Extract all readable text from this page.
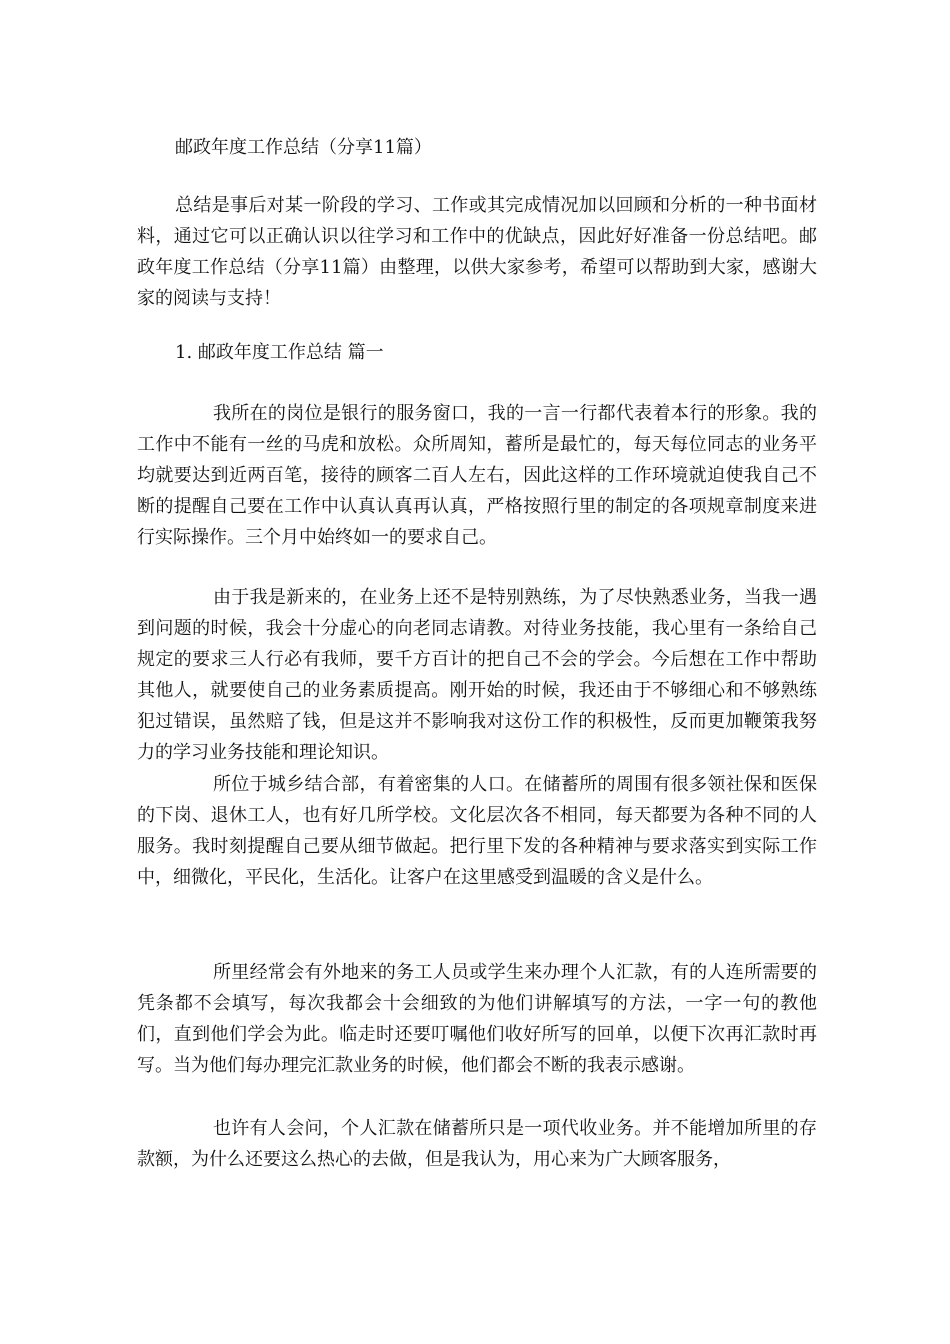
邮政年度工作总结（分享11篇）

总结是事后对某一阶段的学习、工作或其完成情况加以回顾和分析的一种书面材料，通过它可以正确认识以往学习和工作中的优缺点，因此好好准备一份总结吧。邮政年度工作总结（分享11篇）由整理，以供大家参考，希望可以帮助到大家，感谢大家的阅读与支持！

1. 邮政年度工作总结 篇一

我所在的岗位是银行的服务窗口，我的一言一行都代表着本行的形象。我的工作中不能有一丝的马虎和放松。众所周知，蓄所是最忙的，每天每位同志的业务平均就要达到近两百笔，接待的顾客二百人左右，因此这样的工作环境就迫使我自己不断的提醒自己要在工作中认真认真再认真，严格按照行里的制定的各项规章制度来进行实际操作。三个月中始终如一的要求自己。

由于我是新来的，在业务上还不是特别熟练，为了尽快熟悉业务，当我一遇到问题的时候，我会十分虚心的向老同志请教。对待业务技能，我心里有一条给自己规定的要求三人行必有我师，要千方百计的把自己不会的学会。今后想在工作中帮助其他人，就要使自己的业务素质提高。刚开始的时候，我还由于不够细心和不够熟练犯过错误，虽然赔了钱，但是这并不影响我对这份工作的积极性，反而更加鞭策我努力的学习业务技能和理论知识。

所位于城乡结合部，有着密集的人口。在储蓄所的周围有很多领社保和医保的下岗、退休工人，也有好几所学校。文化层次各不相同，每天都要为各种不同的人服务。我时刻提醒自己要从细节做起。把行里下发的各种精神与要求落实到实际工作中，细微化，平民化，生活化。让客户在这里感受到温暖的含义是什么。

所里经常会有外地来的务工人员或学生来办理个人汇款，有的人连所需要的凭条都不会填写，每次我都会十会细致的为他们讲解填写的方法，一字一句的教他们，直到他们学会为此。临走时还要叮嘱他们收好所写的回单，以便下次再汇款时再写。当为他们每办理完汇款业务的时候，他们都会不断的我表示感谢。

也许有人会问，个人汇款在储蓄所只是一项代收业务。并不能增加所里的存款额，为什么还要这么热心的去做，但是我认为，用心来为广大顾客服务，
